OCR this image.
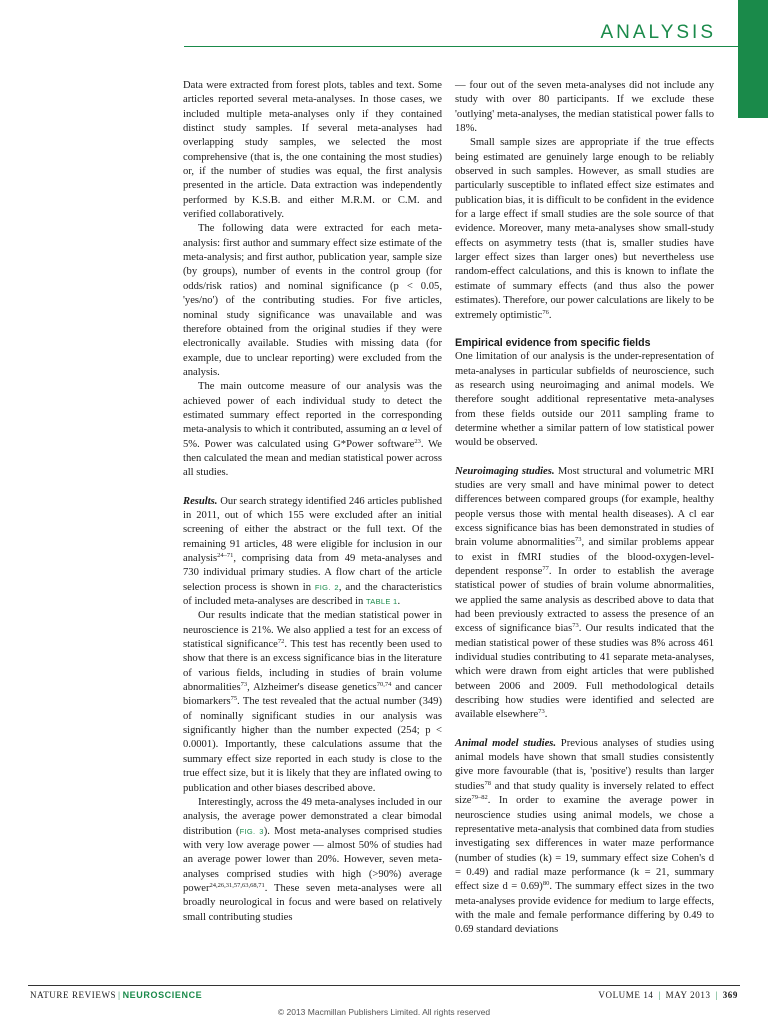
ANALYSIS

Data were extracted from forest plots, tables and text. Some articles reported several meta-analyses. In those cases, we included multiple meta-analyses only if they contained distinct study samples. If several meta-analyses had overlapping study samples, we selected the most comprehensive (that is, the one containing the most studies) or, if the number of studies was equal, the first analysis presented in the article. Data extraction was independently performed by K.S.B. and either M.R.M. or C.M. and verified collaboratively.

The following data were extracted for each meta-analysis: first author and summary effect size estimate of the meta-analysis; and first author, publication year, sample size (by groups), number of events in the control group (for odds/risk ratios) and nominal significance (p < 0.05, 'yes/no') of the contributing studies. For five articles, nominal study significance was unavailable and was therefore obtained from the original studies if they were electronically available. Studies with missing data (for example, due to unclear reporting) were excluded from the analysis.

The main outcome measure of our analysis was the achieved power of each individual study to detect the estimated summary effect reported in the corresponding meta-analysis to which it contributed, assuming an α level of 5%. Power was calculated using G*Power software$^{23}$. We then calculated the mean and median statistical power across all studies.

Results. Our search strategy identified 246 articles published in 2011, out of which 155 were excluded after an initial screening of either the abstract or the full text. Of the remaining 91 articles, 48 were eligible for inclusion in our analysis$^{24-71}$, comprising data from 49 meta-analyses and 730 individual primary studies. A flow chart of the article selection process is shown in FIG. 2, and the characteristics of included meta-analyses are described in TABLE 1.

Our results indicate that the median statistical power in neuroscience is 21%. We also applied a test for an excess of statistical significance$^{72}$. This test has recently been used to show that there is an excess significance bias in the literature of various fields, including in studies of brain volume abnormalities$^{73}$, Alzheimer's disease genetics$^{70,74}$ and cancer biomarkers$^{75}$. The test revealed that the actual number (349) of nominally significant studies in our analysis was significantly higher than the number expected (254; p < 0.0001). Importantly, these calculations assume that the summary effect size reported in each study is close to the true effect size, but it is likely that they are inflated owing to publication and other biases described above.

Interestingly, across the 49 meta-analyses included in our analysis, the average power demonstrated a clear bimodal distribution (FIG. 3). Most meta-analyses comprised studies with very low average power — almost 50% of studies had an average power lower than 20%. However, seven meta-analyses comprised studies with high (>90%) average power$^{24,26,31,57,63,68,71}$. These seven meta-analyses were all broadly neurological in focus and were based on relatively small contributing studies

— four out of the seven meta-analyses did not include any study with over 80 participants. If we exclude these 'outlying' meta-analyses, the median statistical power falls to 18%.

Small sample sizes are appropriate if the true effects being estimated are genuinely large enough to be reliably observed in such samples. However, as small studies are particularly susceptible to inflated effect size estimates and publication bias, it is difficult to be confident in the evidence for a large effect if small studies are the sole source of that evidence. Moreover, many meta-analyses show small-study effects on asymmetry tests (that is, smaller studies have larger effect sizes than larger ones) but nevertheless use random-effect calculations, and this is known to inflate the estimate of summary effects (and thus also the power estimates). Therefore, our power calculations are likely to be extremely optimistic$^{76}$.

Empirical evidence from specific fields

One limitation of our analysis is the under-representation of meta-analyses in particular subfields of neuroscience, such as research using neuroimaging and animal models. We therefore sought additional representative meta-analyses from these fields outside our 2011 sampling frame to determine whether a similar pattern of low statistical power would be observed.

Neuroimaging studies. Most structural and volumetric MRI studies are very small and have minimal power to detect differences between compared groups (for example, healthy people versus those with mental health diseases). A cl ear excess significance bias has been demonstrated in studies of brain volume abnormalities$^{73}$, and similar problems appear to exist in fMRI studies of the blood-oxygen-level-dependent response$^{77}$. In order to establish the average statistical power of studies of brain volume abnormalities, we applied the same analysis as described above to data that had been previously extracted to assess the presence of an excess of significance bias$^{73}$. Our results indicated that the median statistical power of these studies was 8% across 461 individual studies contributing to 41 separate meta-analyses, which were drawn from eight articles that were published between 2006 and 2009. Full methodological details describing how studies were identified and selected are available elsewhere$^{73}$.

Animal model studies. Previous analyses of studies using animal models have shown that small studies consistently give more favourable (that is, 'positive') results than larger studies$^{78}$ and that study quality is inversely related to effect size$^{79-82}$. In order to examine the average power in neuroscience studies using animal models, we chose a representative meta-analysis that combined data from studies investigating sex differences in water maze performance (number of studies (k) = 19, summary effect size Cohen's d = 0.49) and radial maze performance (k = 21, summary effect size d = 0.69)$^{80}$. The summary effect sizes in the two meta-analyses provide evidence for medium to large effects, with the male and female performance differing by 0.49 to 0.69 standard deviations

NATURE REVIEWS | NEUROSCIENCE	VOLUME 14 | MAY 2013 | 369
© 2013 Macmillan Publishers Limited. All rights reserved
